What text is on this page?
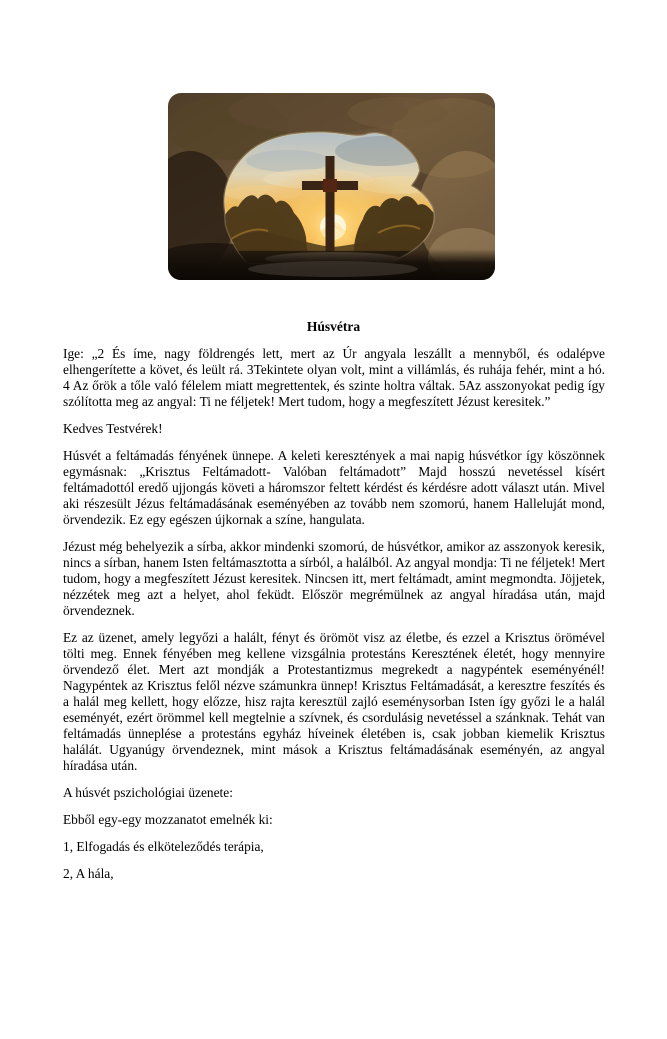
Húsvétra

Ige: „2 És íme, nagy földrengés lett, mert az Úr angyala leszállt a mennyből, és odalépve elhengerítette a követ, és leült rá. 3Tekintete olyan volt, mint a villámlás, és ruhája fehér, mint a hó. 4 Az őrök a tőle való félelem miatt megrettentek, és szinte holtra váltak. 5Az asszonyokat pedig így szólította meg az angyal: Ti ne féljetek! Mert tudom, hogy a megfeszített Jézust keresitek.”

Kedves Testvérek!

Húsvét a feltámadás fényének ünnepe. A keleti keresztények a mai napig húsvétkor így köszönnek egymásnak: „Krisztus Feltámadott- Valóban feltámadott” Majd hosszú nevetéssel kísért feltámadottól eredő ujjongás követi a háromszor feltett kérdést és kérdésre adott választ után. Mivel aki részesült Jézus feltámadásának eseményében az tovább nem szomorú, hanem Halleluját mond, örvendezik. Ez egy egészen újkornak a színe, hangulata.

Jézust még behelyezik a sírba, akkor mindenki szomorú, de húsvétkor, amikor az asszonyok keresik, nincs a sírban, hanem Isten feltámasztotta a sírból, a halálból. Az angyal mondja: Ti ne féljetek! Mert tudom, hogy a megfeszített Jézust keresitek. Nincsen itt, mert feltámadt, amint megmondta. Jöjjetek, nézzétek meg azt a helyet, ahol feküdt. Először megrémülnek az angyal híradása után, majd örvendeznek.

Ez az üzenet, amely legyőzi a halált, fényt és örömöt visz az életbe, és ezzel a Krisztus örömével tölti meg. Ennek fényében meg kellene vizsgálnia protestáns Keresztének életét, hogy mennyire örvendező élet. Mert azt mondják a Protestantizmus megrekedt a nagypéntek eseményénél! Nagypéntek az Krisztus felől nézve számunkra ünnep! Krisztus Feltámadását, a keresztre feszítés és a halál meg kellett, hogy előzze, hisz rajta keresztül zajló eseménysorban Isten így győzi le a halál eseményét, ezért örömmel kell megtelnie a szívnek, és csordulásig nevetéssel a szánknak. Tehát van feltámadás ünneplése a protestáns egyház híveinek életében is, csak jobban kiemelik Krisztus halálát. Ugyanúgy örvendeznek, mint mások a Krisztus feltámadásának eseményén, az angyal híradása után.

A húsvét pszichológiai üzenete:

Ebből egy-egy mozzanatot emelnék ki:

1, Elfogadás és elköteleződés terápia,

2, A hála,
